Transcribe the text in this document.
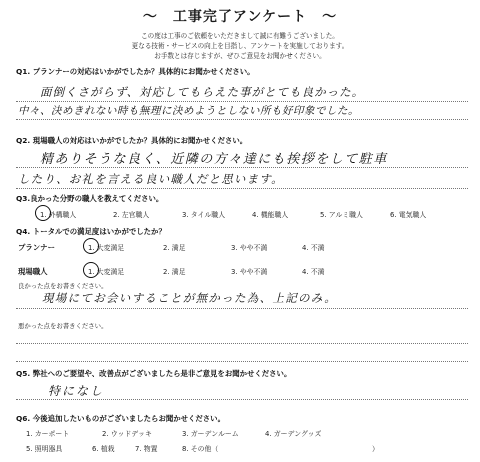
～　工事完了アンケート　～
この度は工事のご依頼をいただきまして誠に有難うございました。
更なる技術・サービスの向上を目指し、アンケートを実施しております。
お手数とは存じますが、ぜひご意見をお聞かせください。
Q1. プランナーの対応はいかがでしたか？具体的にお聞かせください。
面倒くさがらず、対応してもらえた事がとても良かった。
中々、決めきれない時も無理に決めようとしない所も好印象でした。
Q2. 現場職人の対応はいかがでしたか？具体的にお聞かせください。
精ありそうな良く、近隣の方々達にも挨拶をして駐車
したり、お礼を言える良い職人だと思います。
Q3.良かった分野の職人を教えてください。
1. 外構職人	2. 左官職人	3. タイル職人	4. 機能職人	5. アルミ職人	6. 電気職人
Q4. トータルでの満足度はいかがでしたか？
プランナー	1. 大変満足	2. 満足	3. やや不満	4. 不満
現場職人	1. 大変満足	2. 満足	3. やや不満	4. 不満
良かった点をお書きください。
現場にてお会いすることが無かった為、上記のみ。
悪かった点をお書きください。
Q5. 弊社へのご要望や、改善点がございましたら是非ご意見をお聞かせください。
特になし
Q6. 今後追加したいものがございましたらお聞かせください。
1. カーポート	2. ウッドデッキ	3. ガーデンルーム	4. ガーデングッズ
5. 照明器具	6. 植栽	7. 物置	8. その他（	）
